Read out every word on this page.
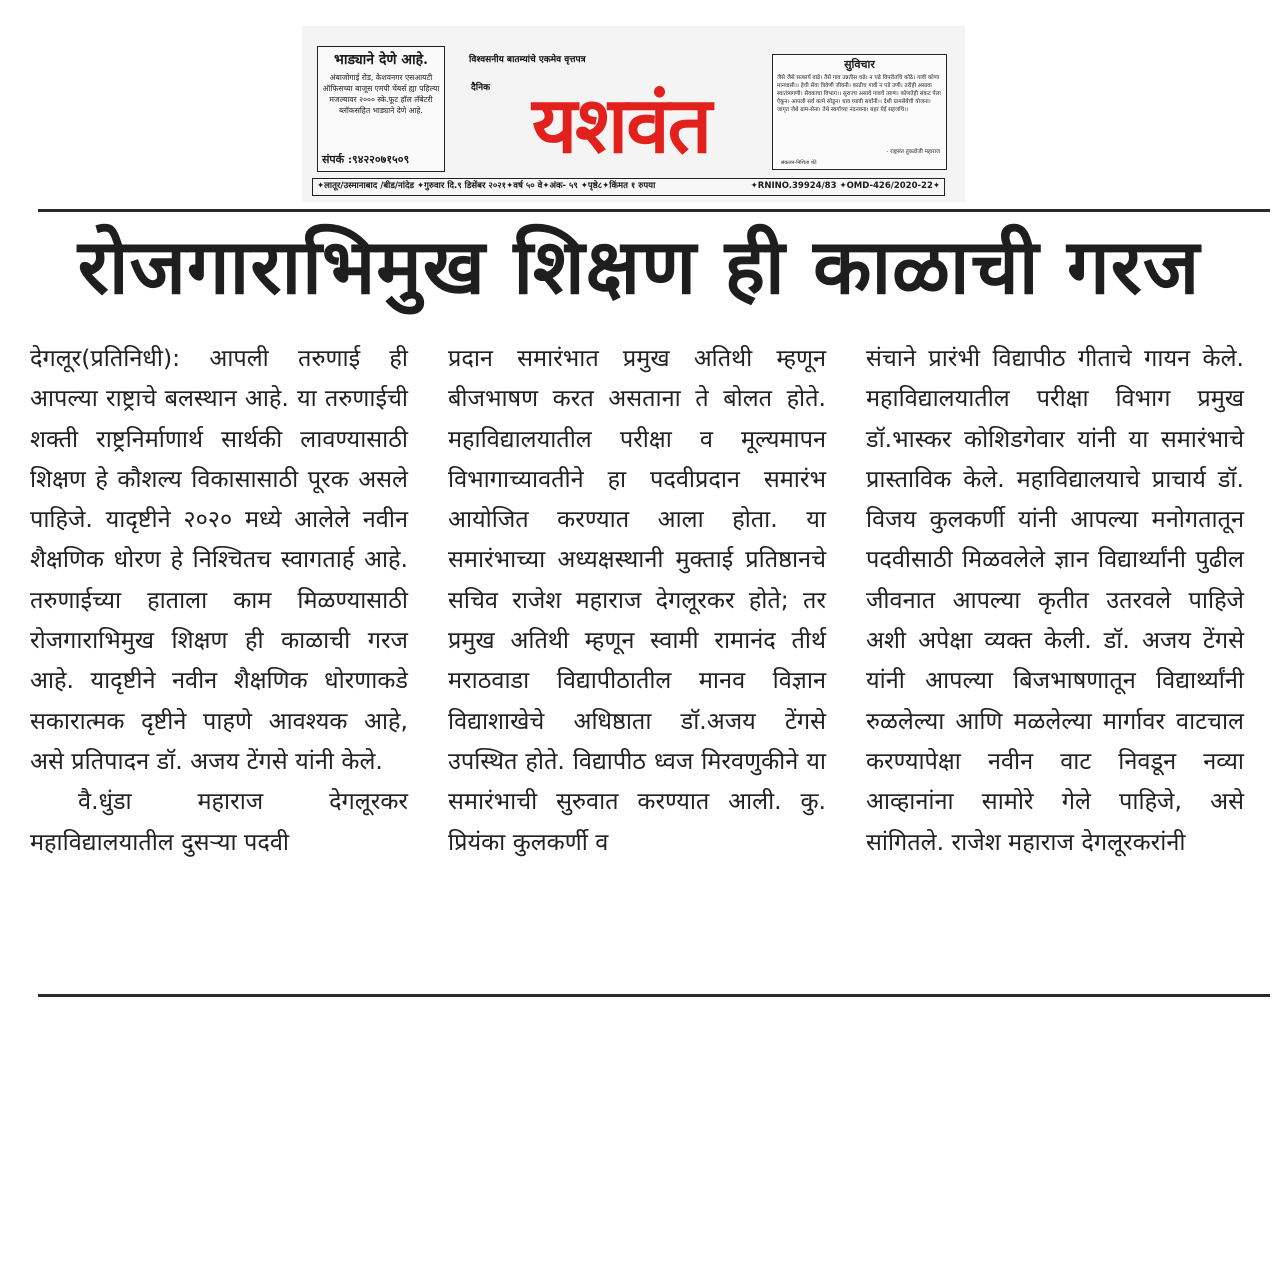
भाड्याने देणे आहे.

अंबाजोगाई रोड, केशवनगर एसआयटी ऑफिसच्या बाजूस एमपी चेंबर्स ह्या पहिल्या मजल्यावर २००० स्के.फूट हॉल लॅबेटरी ब्लॉकसहित भाड्याने देणे आहे.

संपर्क :९४२२०७१५०९
विश्वसनीय बातम्यांचे एकमेव वृत्तपत्र
दैनिक यशवंत

सुविचार

जैसे जैसे सत्कार्य वाढे। तैसे गाव उन्नतीस चढे। न चढे विपरीतचि कोठे। गावी कोणा मानवासी।। हेची सेवा त्रिवेणी जीवनी। काढीच गावी न पडे उणी। तरीही असावा स्वातंत्र्यगणी। सेवकाचा विभाग।। सुराज्य असावे गावचे तरुण। कोणतेही संकट पेला ऐकून। आपली सर्व कामे सोडून। धाव घ्यावी सर्वांनी।। देशी ग्रामसेवेची योजना। जागृत जेथे ग्राम-सेना। तेथे स्वर्गाच्या नंदनवना। बहर येई सहजचि।।

- राष्ट्रसंत तुकडोजी महाराज
संकलन-निशिता शेटे
✦लातूर/उस्मानाबाद /बीड/नांदेड ✦गुरुवार दि.९ डिसेंबर २०२१✦वर्ष ५० वे✦अंक- ५९ ✦पृष्ठे८✦किंमत १ रुपया	✦RNINO.39924/83 ✦OMD-426/2020-22✦
रोजगाराभिमुख शिक्षण ही काळाची गरज

देगलूर(प्रतिनिधी): आपली तरुणाई ही आपल्या राष्ट्राचे बलस्थान आहे. या तरुणाईची शक्ती राष्ट्रनिर्माणार्थ सार्थकी लावण्यासाठी शिक्षण हे कौशल्य विकासासाठी पूरक असले पाहिजे. यादृष्टीने २०२० मध्ये आलेले नवीन शैक्षणिक धोरण हे निश्चितच स्वागतार्ह आहे. तरुणाईच्या हाताला काम मिळण्यासाठी रोजगाराभिमुख शिक्षण ही काळाची गरज आहे. यादृष्टीने नवीन शैक्षणिक धोरणाकडे सकारात्मक दृष्टीने पाहणे आवश्यक आहे, असे प्रतिपादन डॉ. अजय टेंगसे यांनी केले.

वै.धुंडा महाराज देगलूरकर महाविद्यालयातील दुसऱ्या पदवी

प्रदान समारंभात प्रमुख अतिथी म्हणून बीजभाषण करत असताना ते बोलत होते. महाविद्यालयातील परीक्षा व मूल्यमापन विभागाच्यावतीने हा पदवीप्रदान समारंभ आयोजित करण्यात आला होता. या समारंभाच्या अध्यक्षस्थानी मुक्ताई प्रतिष्ठानचे सचिव राजेश महाराज देगलूरकर होते; तर प्रमुख अतिथी म्हणून स्वामी रामानंद तीर्थ मराठवाडा विद्यापीठातील मानव विज्ञान विद्याशाखेचे अधिष्ठाता डॉ.अजय टेंगसे उपस्थित होते. विद्यापीठ ध्वज मिरवणुकीने या समारंभाची सुरुवात करण्यात आली. कु. प्रियंका कुलकर्णी व

संचाने प्रारंभी विद्यापीठ गीताचे गायन केले. महाविद्यालयातील परीक्षा विभाग प्रमुख डॉ.भास्कर कोशिडगेवार यांनी या समारंभाचे प्रास्ताविक केले. महाविद्यालयाचे प्राचार्य डॉ. विजय कुलकर्णी यांनी आपल्या मनोगतातून पदवीसाठी मिळवलेले ज्ञान विद्यार्थ्यांनी पुढील जीवनात आपल्या कृतीत उतरवले पाहिजे अशी अपेक्षा व्यक्त केली. डॉ. अजय टेंगसे यांनी आपल्या बिजभाषणातून विद्यार्थ्यांनी रुळलेल्या आणि मळलेल्या मार्गावर वाटचाल करण्यापेक्षा नवीन वाट निवडून नव्या आव्हानांना सामोरे गेले पाहिजे, असे सांगितले. राजेश महाराज देगलूरकरांनी
